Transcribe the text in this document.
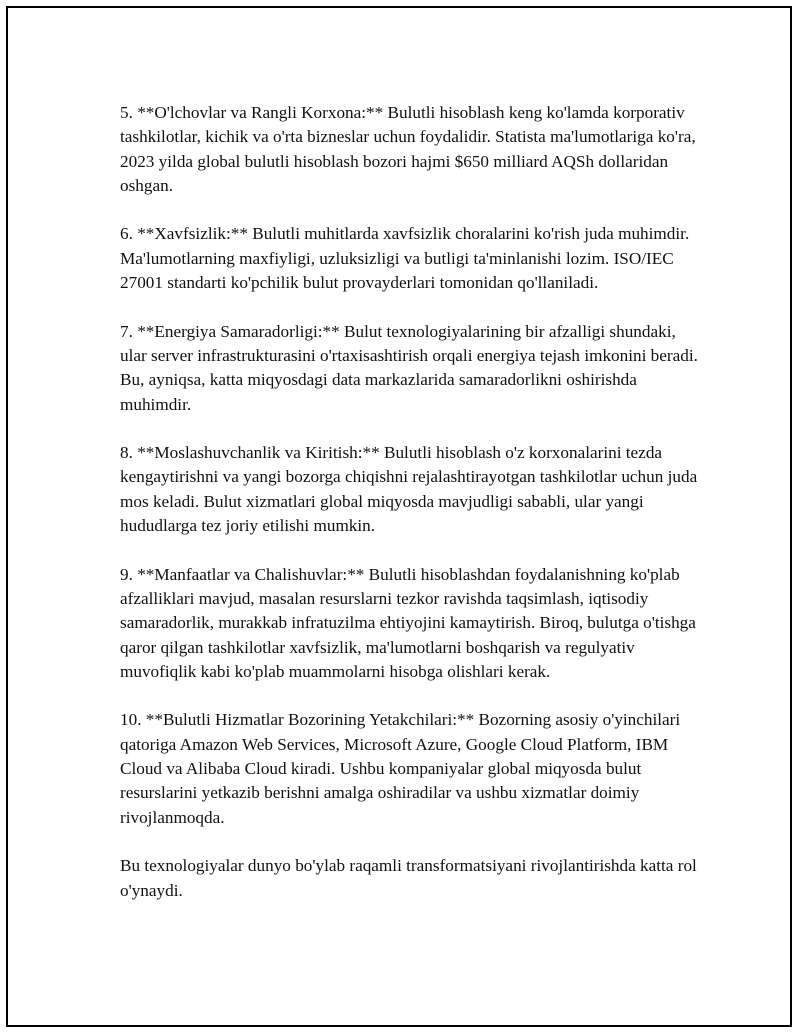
5. **O'lchovlar va Rangli Korxona:** Bulutli hisoblash keng ko'lamda korporativ tashkilotlar, kichik va o'rta bizneslar uchun foydalidir. Statista ma'lumotlariga ko'ra, 2023 yilda global bulutli hisoblash bozori hajmi $650 milliard AQSh dollaridan oshgan.

6. **Xavfsizlik:** Bulutli muhitlarda xavfsizlik choralarini ko'rish juda muhimdir. Ma'lumotlarning maxfiyligi, uzluksizligi va butligi ta'minlanishi lozim. ISO/IEC 27001 standarti ko'pchilik bulut provayderlari tomonidan qo'llaniladi.

7. **Energiya Samaradorligi:** Bulut texnologiyalarining bir afzalligi shundaki, ular server infrastrukturasini o'rtaxisashtirish orqali energiya tejash imkonini beradi. Bu, ayniqsa, katta miqyosdagi data markazlarida samaradorlikni oshirishda muhimdir.

8. **Moslashuvchanlik va Kiritish:** Bulutli hisoblash o'z korxonalarini tezda kengaytirishni va yangi bozorga chiqishni rejalashtirayotgan tashkilotlar uchun juda mos keladi. Bulut xizmatlari global miqyosda mavjudligi sababli, ular yangi hududlarga tez joriy etilishi mumkin.

9. **Manfaatlar va Chalishuvlar:** Bulutli hisoblashdan foydalanishning ko'plab afzalliklari mavjud, masalan resurslarni tezkor ravishda taqsimlash, iqtisodiy samaradorlik, murakkab infratuzilma ehtiyojini kamaytirish. Biroq, bulutga o'tishga qaror qilgan tashkilotlar xavfsizlik, ma'lumotlarni boshqarish va regulyativ muvofiqlik kabi ko'plab muammolarni hisobga olishlari kerak.

10. **Bulutli Hizmatlar Bozorining Yetakchilari:** Bozorning asosiy o'yinchilari qatoriga Amazon Web Services, Microsoft Azure, Google Cloud Platform, IBM Cloud va Alibaba Cloud kiradi. Ushbu kompaniyalar global miqyosda bulut resurslarini yetkazib berishni amalga oshiradilar va ushbu xizmatlar doimiy rivojlanmoqda.

Bu texnologiyalar dunyo bo'ylab raqamli transformatsiyani rivojlantirishda katta rol o'ynaydi.
